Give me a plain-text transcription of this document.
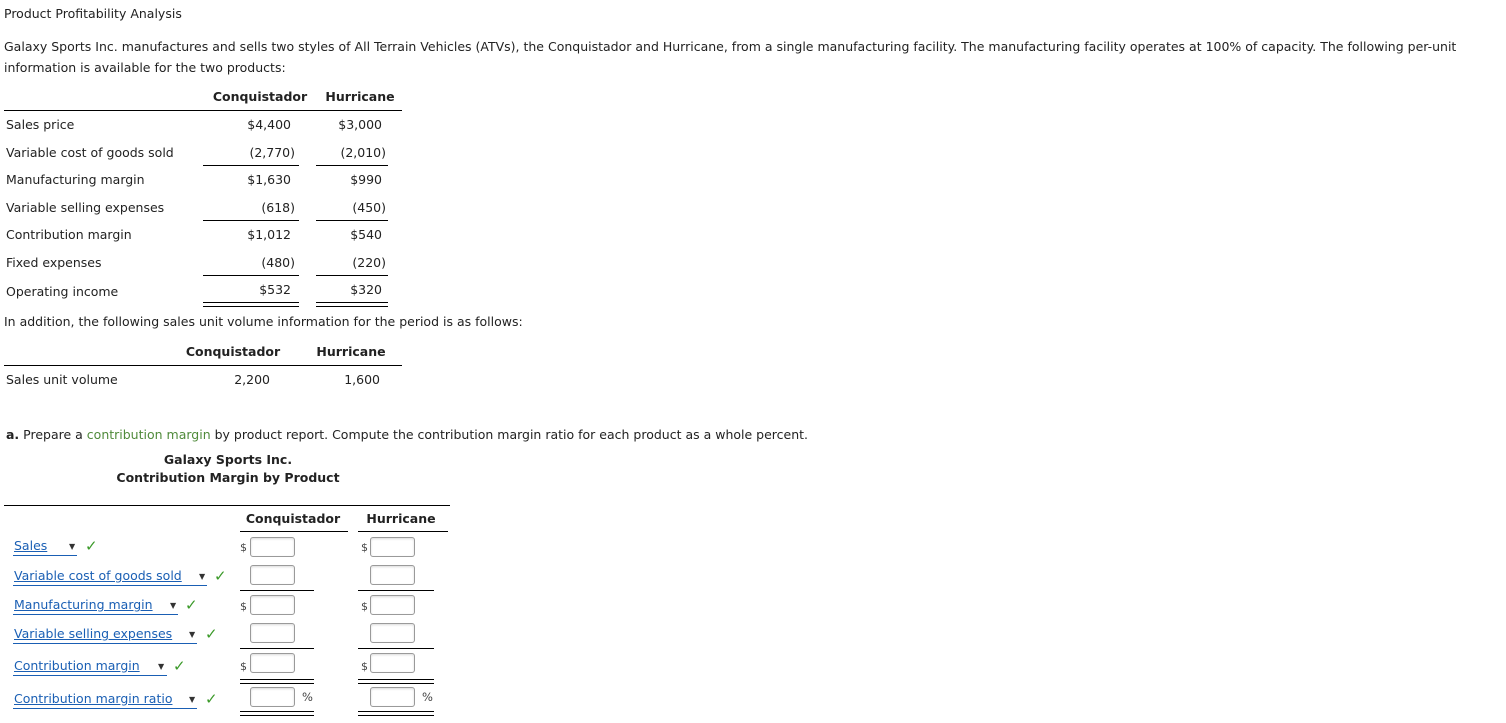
Product Profitability Analysis
Galaxy Sports Inc. manufactures and sells two styles of All Terrain Vehicles (ATVs), the Conquistador and Hurricane, from a single manufacturing facility. The manufacturing facility operates at 100% of capacity. The following per-unit information is available for the two products:
Conquistador	Hurricane
Sales price	$4,400	$3,000
Variable cost of goods sold	(2,770)	(2,010)
Manufacturing margin	$1,630	$990
Variable selling expenses	(618)	(450)
Contribution margin	$1,012	$540
Fixed expenses	(480)	(220)
Operating income	$532	$320
In addition, the following sales unit volume information for the period is as follows:
Conquistador	Hurricane
Sales unit volume	2,200	1,600
a. Prepare a contribution margin by product report. Compute the contribution margin ratio for each product as a whole percent.
Galaxy Sports Inc.
Contribution Margin by Product
Conquistador	Hurricane
Sales	▼ ✓	$	$
Variable cost of goods sold ▼ ✓
Manufacturing margin ▼ ✓	$	$
Variable selling expenses ▼ ✓
Contribution margin ▼ ✓	$	$
Contribution margin ratio ▼ ✓	%	%
